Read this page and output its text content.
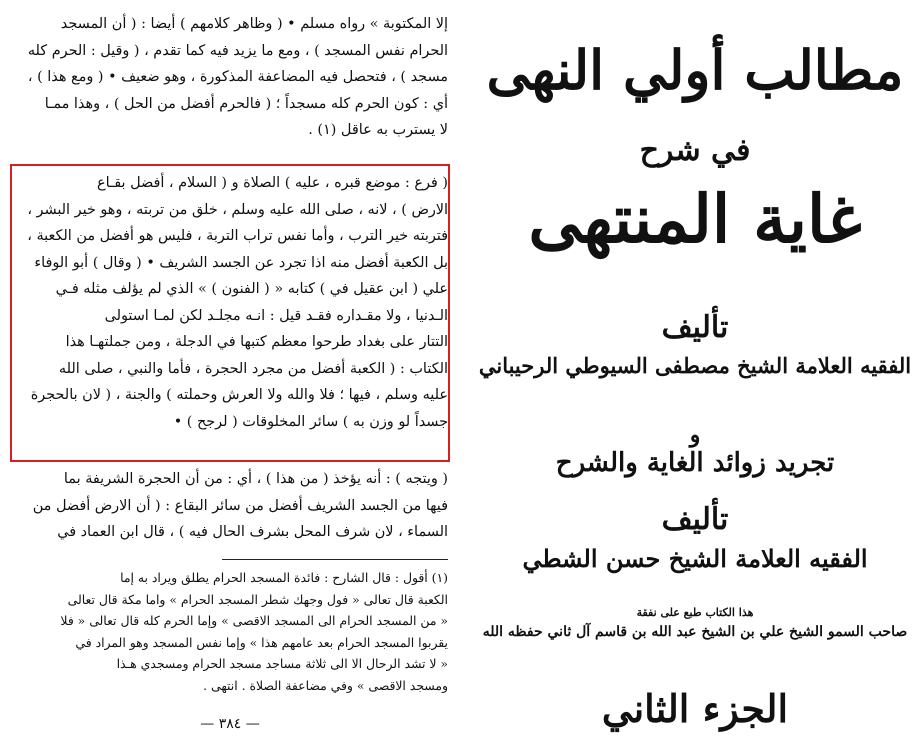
إلا المكتوبة » رواه مسلم • ( وظاهر كلامهم ) أيضا : ( أن المسجد
الحرام نفس المسجد ) ، ومع ما يزيد فيه كما تقدم ، ( وقيل : الحرم كله
مسجد ) ، فتحصل فيه المضاعفة المذكورة ، وهو ضعيف • ( ومع هذا ) ،
أي : كون الحرم كله مسجداً ؛ ( فالحرم أفضل من الحل ) ، وهذا ممـا
لا يسترب به عاقل (١) .
( فرع : موضع قبره ، عليه ) الصلاة و ( السلام ، أفضل بقـاع
الارض ) ، لانه ، صلى الله عليه وسلم ، خلق من تربته ، وهو خير البشر ،
فتربته خير الترب ، وأما نفس تراب التربة ، فليس هو أفضل من الكعبة ،
بل الكعبة أفضل منه اذا تجرد عن الجسد الشريف • ( وقال ) أبو الوفاء
علي ( ابن عقيل في ) كتابه « ( الفنون ) » الذي لم يؤلف مثله فـي
الـدنيا ، ولا مقـداره فقـد قيل : انـه مجلـد لكن لمـا استولى
التتار على بغداد طرحوا معظم كتبها في الدجلة ، ومن جملتهـا هذا
الكتاب : ( الكعبة أفضل من مجرد الحجرة ، فأما والنبي ، صلى الله
عليه وسلم ، فيها ؛ فلا والله ولا العرش وحملته ) والجنة ، ( لان بالحجرة
جسداً لو وزن به ) سائر المخلوقات ( لرجح ) •
( ويتجه ) : أنه يؤخذ ( من هذا ) ، أي : من أن الحجرة الشريفة بما
فيها من الجسد الشريف أفضل من سائر البقاع : ( أن الارض أفضل من
السماء ، لان شرف المحل بشرف الحال فيه ) ، قال ابن العماد في
(١) أقول : قال الشارح : فائدة المسجد الحرام يطلق ويراد به إما
الكعبة قال تعالى « فول وجهك شطر المسجد الحرام » واما مكة قال تعالى
« من المسجد الحرام الى المسجد الاقصى » وإما الحرم كله قال تعالى « فلا
يقربوا المسجد الحرام بعد عامهم هذا » وإما نفس المسجد وهو المراد في
« لا تشد الرحال الا الى ثلاثة مساجد مسجد الحرام ومسجدي هـذا
ومسجد الاقصى » وفي مضاعفة الصلاة . انتهى .
— ٣٨٤ —
مطالب أولي النهى
في شرح
غاية المنتهى
تأليف
الفقيه العلامة الشيخ مصطفى السيوطي الرحيباني
و
تجريد زوائد الغاية والشرح
تأليف
الفقيه العلامة الشيخ حسن الشطي
هذا الكتاب طبع على نفقة
صاحب السمو الشيخ علي بن الشيخ عبد الله بن قاسم آل ثاني حفظه الله
الجزء الثاني
